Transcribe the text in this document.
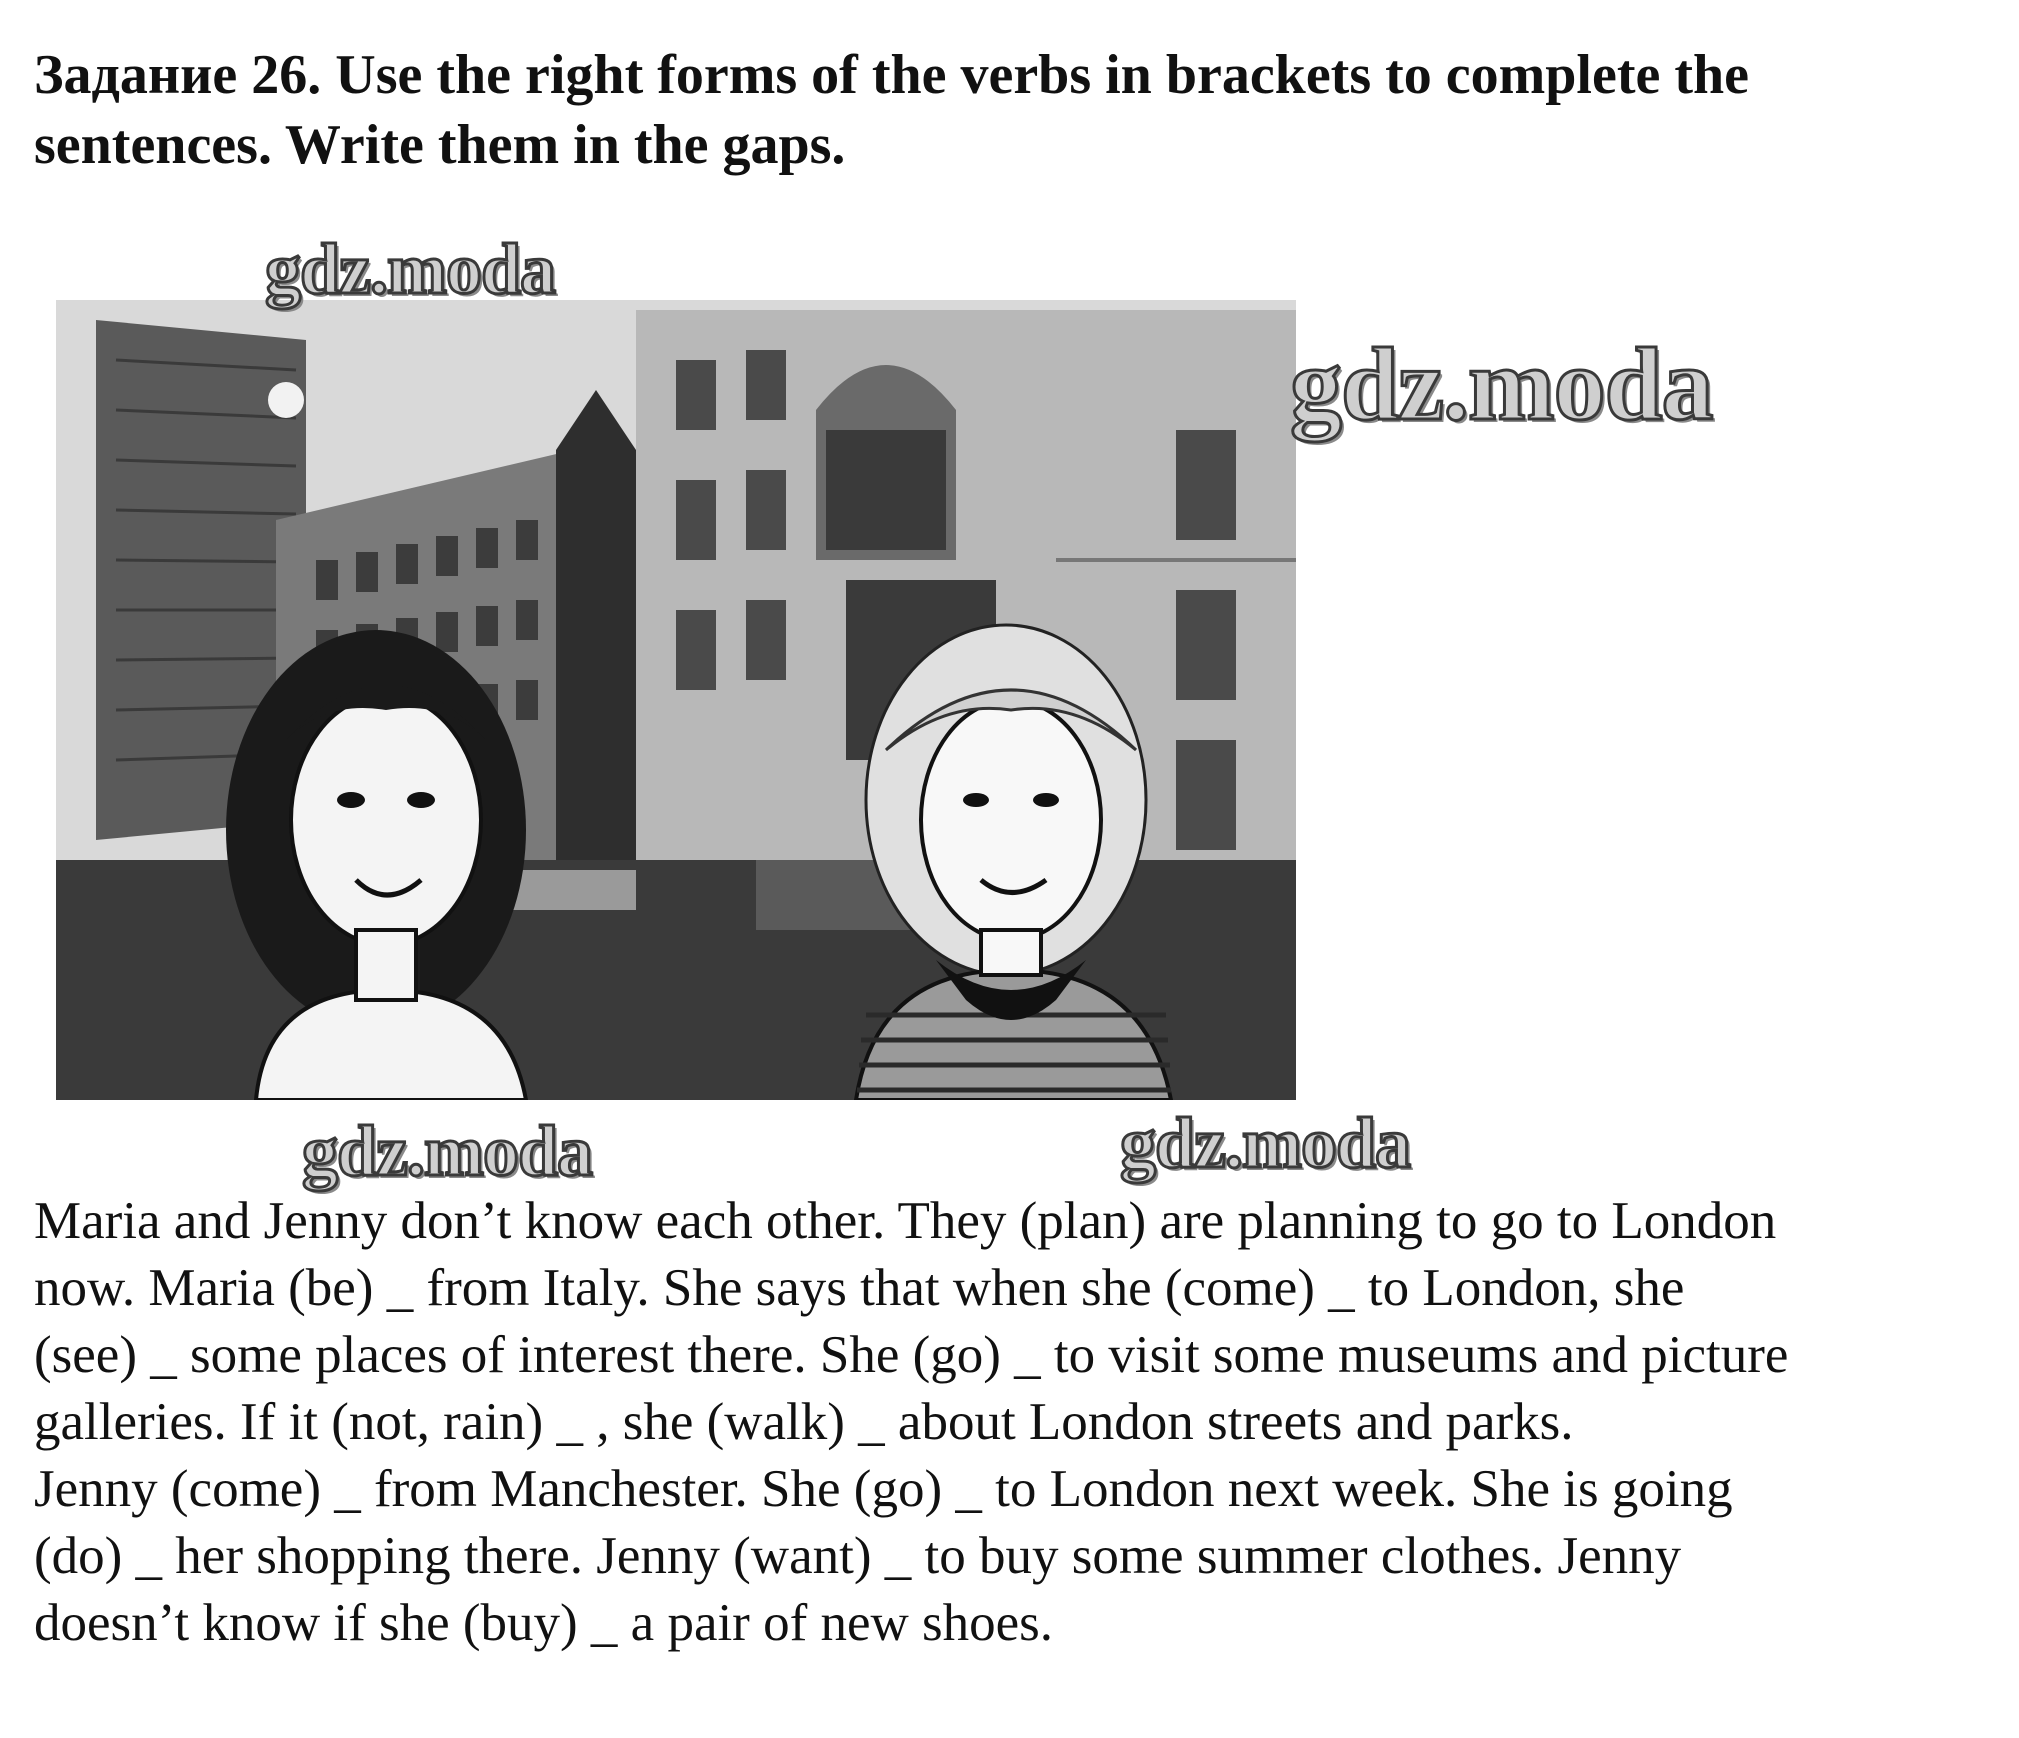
Задание 26. Use the right forms of the verbs in brackets to complete the
sentences. Write them in the gaps.
gdz.moda
gdz.moda
gdz.moda	gdz.moda
Maria and Jenny don’t know each other. They (plan) are planning to go to London
now. Maria (be) _ from Italy. She says that when she (come) _ to London, she
(see) _ some places of interest there. She (go) _ to visit some museums and picture
galleries. If it (not, rain) _ , she (walk) _ about London streets and parks.
Jenny (come) _ from Manchester. She (go) _ to London next week. She is going
(do) _ her shopping there. Jenny (want) _ to buy some summer clothes. Jenny
doesn’t know if she (buy) _ a pair of new shoes.
